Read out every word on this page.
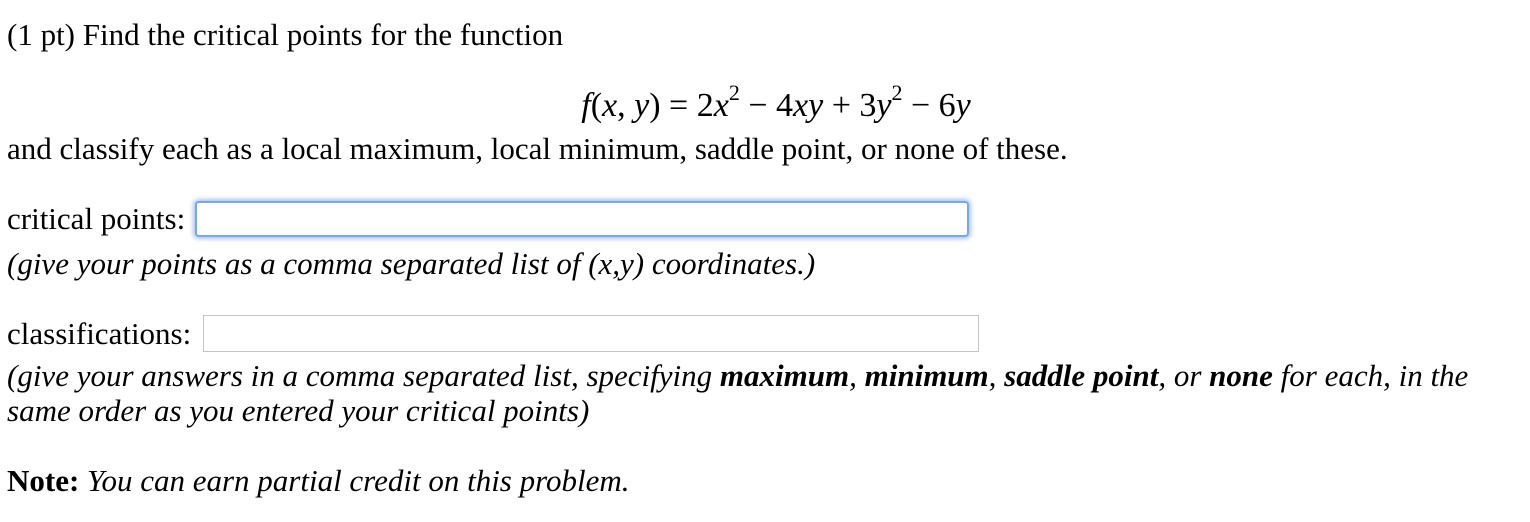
(1 pt) Find the critical points for the function
f(x, $y) = 2x^2 - 4xy + 3y^2 - 6y$
and classify each as a local maximum, local minimum, saddle point, or none of these.
critical points:
(give your points as a comma separated list of (x,y) coordinates.)
classifications:
(give your answers in a comma separated list, specifying maximum, minimum, saddle point, or none for each, in the same order as you entered your critical points)
Note: You can earn partial credit on this problem.
